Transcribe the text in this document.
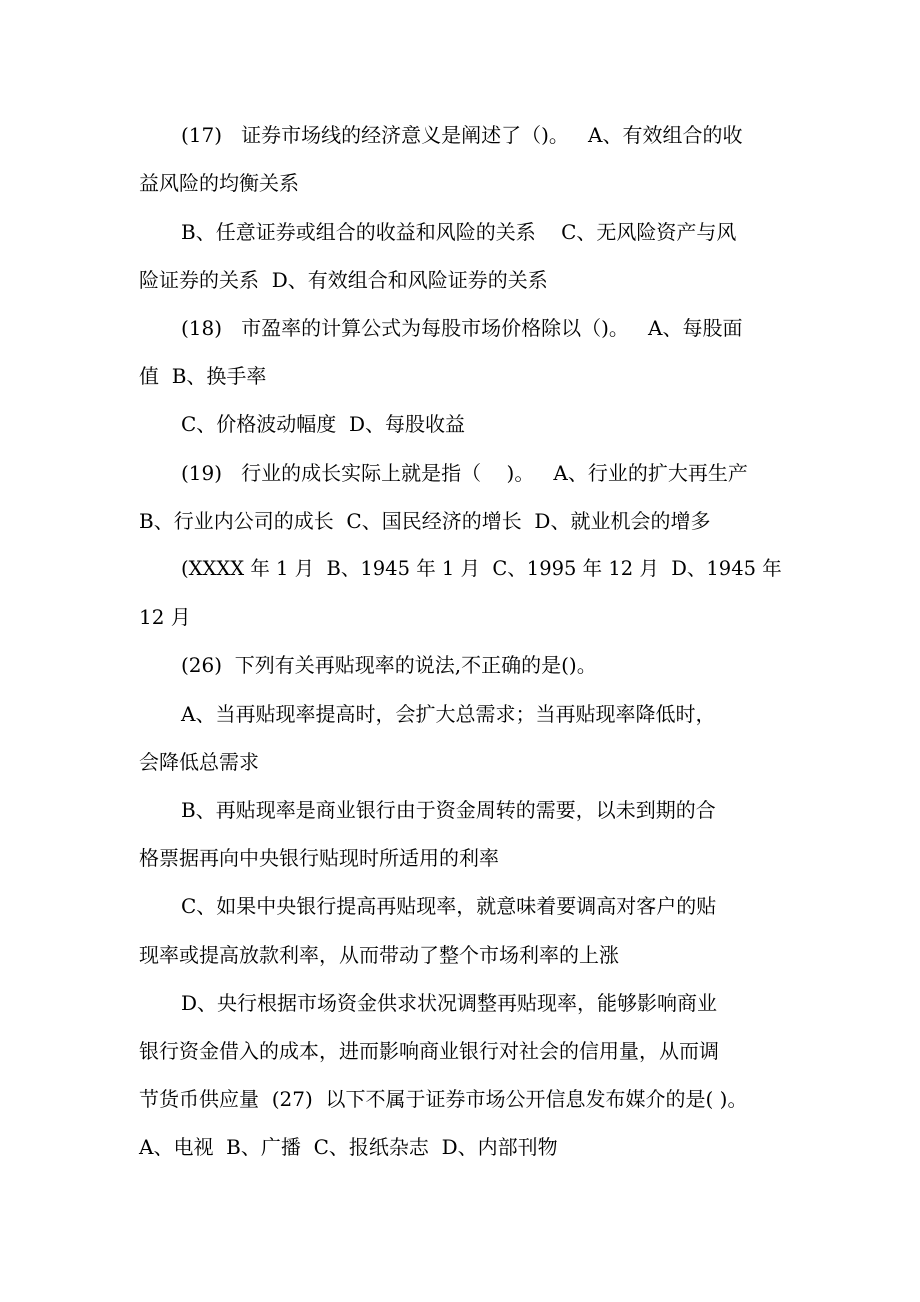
(17)   证券市场线的经济意义是阐述了（)。   A、有效组合的收

益风险的均衡关系

B、任意证券或组合的收益和风险的关系    C、无风险资产与风

险证券的关系  D、有效组合和风险证券的关系

(18)   市盈率的计算公式为每股市场价格除以（)。   A、每股面

值  B、换手率

C、价格波动幅度  D、每股收益

(19)   行业的成长实际上就是指（    )。   A、行业的扩大再生产

B、行业内公司的成长  C、国民经济的增长  D、就业机会的增多

(XXXX 年 1 月  B、1945 年 1 月  C、1995 年 12 月  D、1945 年

12 月

(26)  下列有关再贴现率的说法,不正确的是()。

A、当再贴现率提高时，会扩大总需求；当再贴现率降低时，

会降低总需求

B、再贴现率是商业银行由于资金周转的需要，以未到期的合

格票据再向中央银行贴现时所适用的利率

C、如果中央银行提高再贴现率，就意味着要调高对客户的贴

现率或提高放款利率，从而带动了整个市场利率的上涨

D、央行根据市场资金供求状况调整再贴现率，能够影响商业

银行资金借入的成本，进而影响商业银行对社会的信用量，从而调

节货币供应量  (27)  以下不属于证券市场公开信息发布媒介的是( )。

A、电视  B、广播  C、报纸杂志  D、内部刊物
